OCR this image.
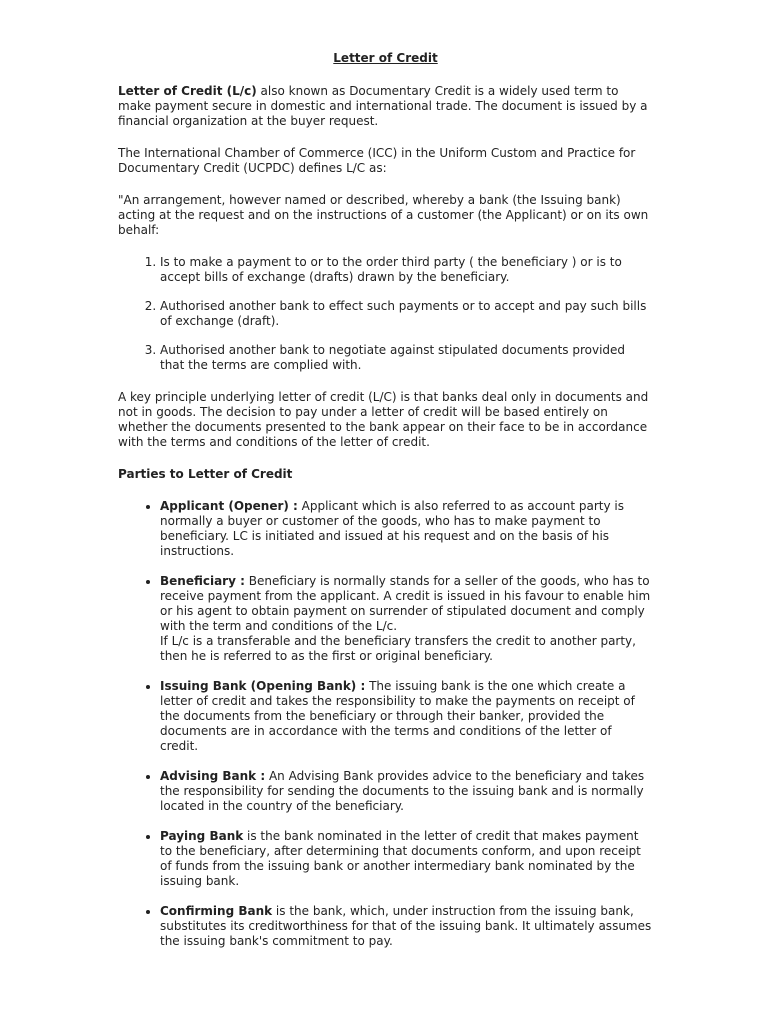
Letter of Credit

Letter of Credit (L/c) also known as Documentary Credit is a widely used term to make payment secure in domestic and international trade. The document is issued by a financial organization at the buyer request.

The International Chamber of Commerce (ICC) in the Uniform Custom and Practice for Documentary Credit (UCPDC) defines L/C as:

"An arrangement, however named or described, whereby a bank (the Issuing bank) acting at the request and on the instructions of a customer (the Applicant) or on its own behalf:

1. Is to make a payment to or to the order third party ( the beneficiary ) or is to accept bills of exchange (drafts) drawn by the beneficiary.
2. Authorised another bank to effect such payments or to accept and pay such bills of exchange (draft).
3. Authorised another bank to negotiate against stipulated documents provided that the terms are complied with.

A key principle underlying letter of credit (L/C) is that banks deal only in documents and not in goods. The decision to pay under a letter of credit will be based entirely on whether the documents presented to the bank appear on their face to be in accordance with the terms and conditions of the letter of credit.

Parties to Letter of Credit
• Applicant (Opener) : Applicant which is also referred to as account party is normally a buyer or customer of the goods, who has to make payment to beneficiary. LC is initiated and issued at his request and on the basis of his instructions.
• Beneficiary : Beneficiary is normally stands for a seller of the goods, who has to receive payment from the applicant. A credit is issued in his favour to enable him or his agent to obtain payment on surrender of stipulated document and comply with the term and conditions of the L/c.
If L/c is a transferable and the beneficiary transfers the credit to another party, then he is referred to as the first or original beneficiary.
• Issuing Bank (Opening Bank) : The issuing bank is the one which create a letter of credit and takes the responsibility to make the payments on receipt of the documents from the beneficiary or through their banker, provided the documents are in accordance with the terms and conditions of the letter of credit.
• Advising Bank : An Advising Bank provides advice to the beneficiary and takes the responsibility for sending the documents to the issuing bank and is normally located in the country of the beneficiary.
• Paying Bank is the bank nominated in the letter of credit that makes payment to the beneficiary, after determining that documents conform, and upon receipt of funds from the issuing bank or another intermediary bank nominated by the issuing bank.
• Confirming Bank is the bank, which, under instruction from the issuing bank, substitutes its creditworthiness for that of the issuing bank. It ultimately assumes the issuing bank's commitment to pay.
